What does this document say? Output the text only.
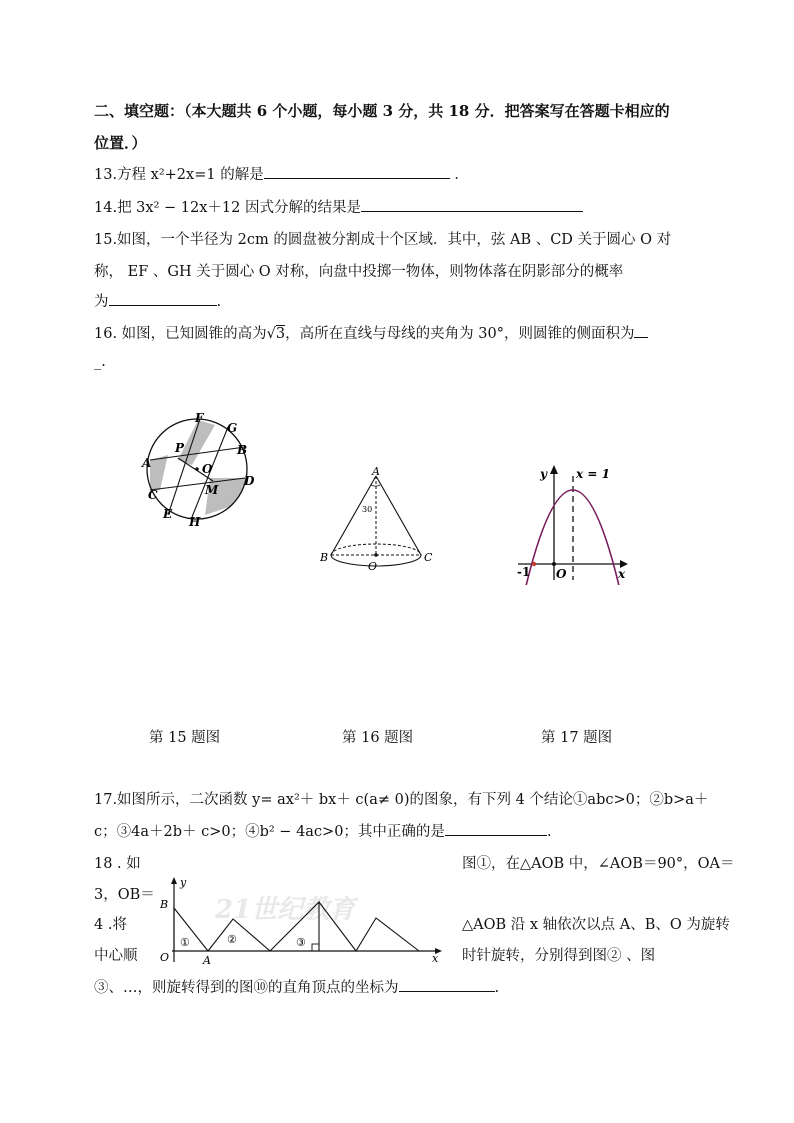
二、填空题：（本大题共 6 个小题，每小题 3 分，共 18 分．把答案写在答题卡相应的
位置．）
13.方程 x²+2x=1 的解是	．
14.把 3x² − 12x＋12 因式分解的结果是
15.如图，一个半径为 2cm 的圆盘被分割成十个区域．其中，弦 AB 、CD 关于圆心 O 对
称， EF 、GH 关于圆心 O 对称，向盘中投掷一物体，则物体落在阴影部分的概率
为	.
16. 如图，已知圆锥的高为√3，高所在直线与母线的夹角为 30°，则圆锥的侧面积为
_.
F
G
P	B
A	O
M
D
C
E
H
A
30
B
O
C
y x = 1
-1 O	x
第 15 题图	第 16 题图	第 17 题图
17.如图所示，二次函数 y= ax²＋ bx＋ c(a≠ 0)的图象，有下列 4 个结论①abc>0；②b>a＋
c；③4a＋2b＋ c>0；④b² − 4ac>0；其中正确的是	.
18 . 如	图①，在△AOB 中，∠AOB＝90°，OA＝
3，OB＝
4 .将	△AOB 沿 x 轴依次以点 A、B、O 为旋转
中心顺	时针旋转，分别得到图② 、图
③、…，则旋转得到的图⑩的直角顶点的坐标为	.
21世纪教育
y
B
O	A	x
①	②	③
